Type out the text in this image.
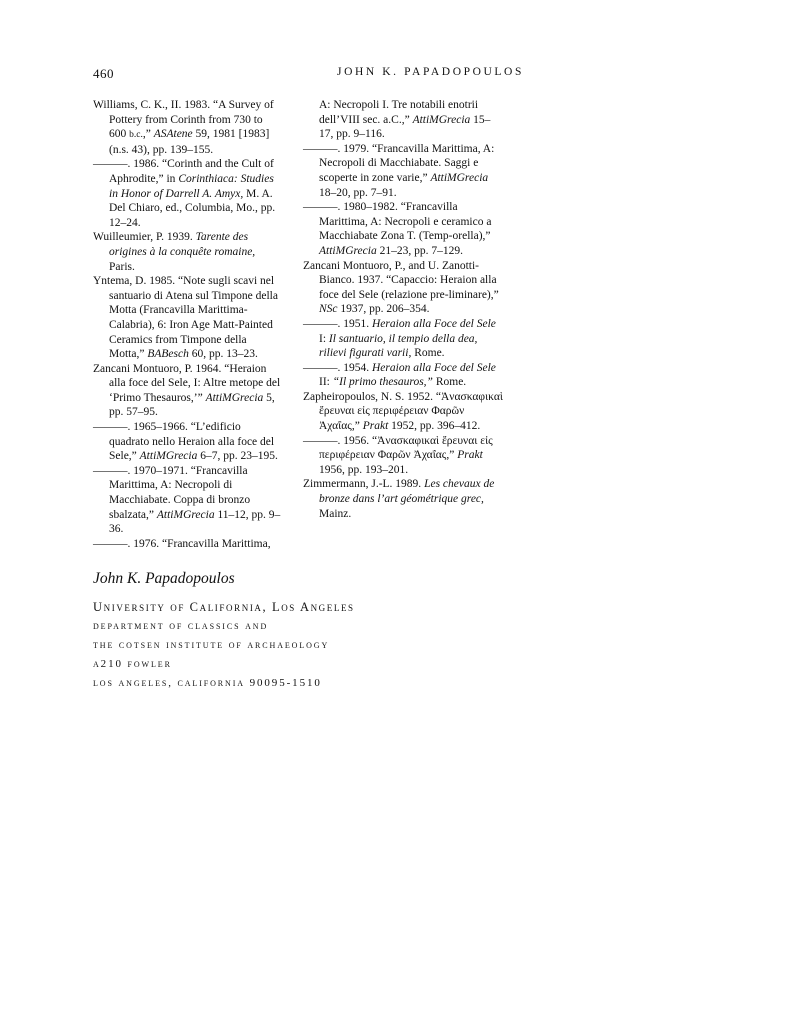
460	JOHN K. PAPADOPOULOS

Williams, C. K., II. 1983. “A Survey of Pottery from Corinth from 730 to 600 b.c.,” ASAtene 59, 1981 [1983] (n.s. 43), pp. 139–155.

———. 1986. “Corinth and the Cult of Aphrodite,” in Corinthiaca: Studies in Honor of Darrell A. Amyx, M. A. Del Chiaro, ed., Columbia, Mo., pp. 12–24.

Wuilleumier, P. 1939. Tarente des origines à la conquête romaine, Paris.

Yntema, D. 1985. “Note sugli scavi nel santuario di Atena sul Timpone della Motta (Francavilla Marittima-Calabria), 6: Iron Age Matt-Painted Ceramics from Timpone della Motta,” BABesch 60, pp. 13–23.

Zancani Montuoro, P. 1964. “Heraion alla foce del Sele, I: Altre metope del ‘Primo Thesauros,’” AttiMGrecia 5, pp. 57–95.

———. 1965–1966. “L’edificio quadrato nello Heraion alla foce del Sele,” AttiMGrecia 6–7, pp. 23–195.

———. 1970–1971. “Francavilla Marittima, A: Necropoli di Macchiabate. Coppa di bronzo sbalzata,” AttiMGrecia 11–12, pp. 9–36.

———. 1976. “Francavilla Marittima,

A: Necropoli I. Tre notabili enotrii dell’VIII sec. a.C.,” AttiMGrecia 15–17, pp. 9–116.

———. 1979. “Francavilla Marittima, A: Necropoli di Macchiabate. Saggi e scoperte in zone varie,” AttiMGrecia 18–20, pp. 7–91.

———. 1980–1982. “Francavilla Marittima, A: Necropoli e ceramico a Macchiabate Zona T. (Temp-orella),” AttiMGrecia 21–23, pp. 7–129.

Zancani Montuoro, P., and U. Zanotti-Bianco. 1937. “Capaccio: Heraion alla foce del Sele (relazione pre-liminare),” NSc 1937, pp. 206–354.

———. 1951. Heraion alla Foce del Sele I: Il santuario, il tempio della dea, rilievi figurati varii, Rome.

———. 1954. Heraion alla Foce del Sele II: “Il primo thesauros,” Rome.

Zapheiropoulos, N. S. 1952. “Ἀνασκαφικαὶ ἔρευναι εἰς περιφέρειαν Φαρῶν Ἀχαΐας,” Prakt 1952, pp. 396–412.

———. 1956. “Ἀνασκαφικαὶ ἔρευναι εἰς περιφέρειαν Φαρῶν Ἀχαΐας,” Prakt 1956, pp. 193–201.

Zimmermann, J.-L. 1989. Les chevaux de bronze dans l’art géométrique grec, Mainz.

John K. Papadopoulos
University of California, Los Angeles
department of classics and
the cotsen institute of archaeology
a210 fowler
los angeles, california 90095-1510
